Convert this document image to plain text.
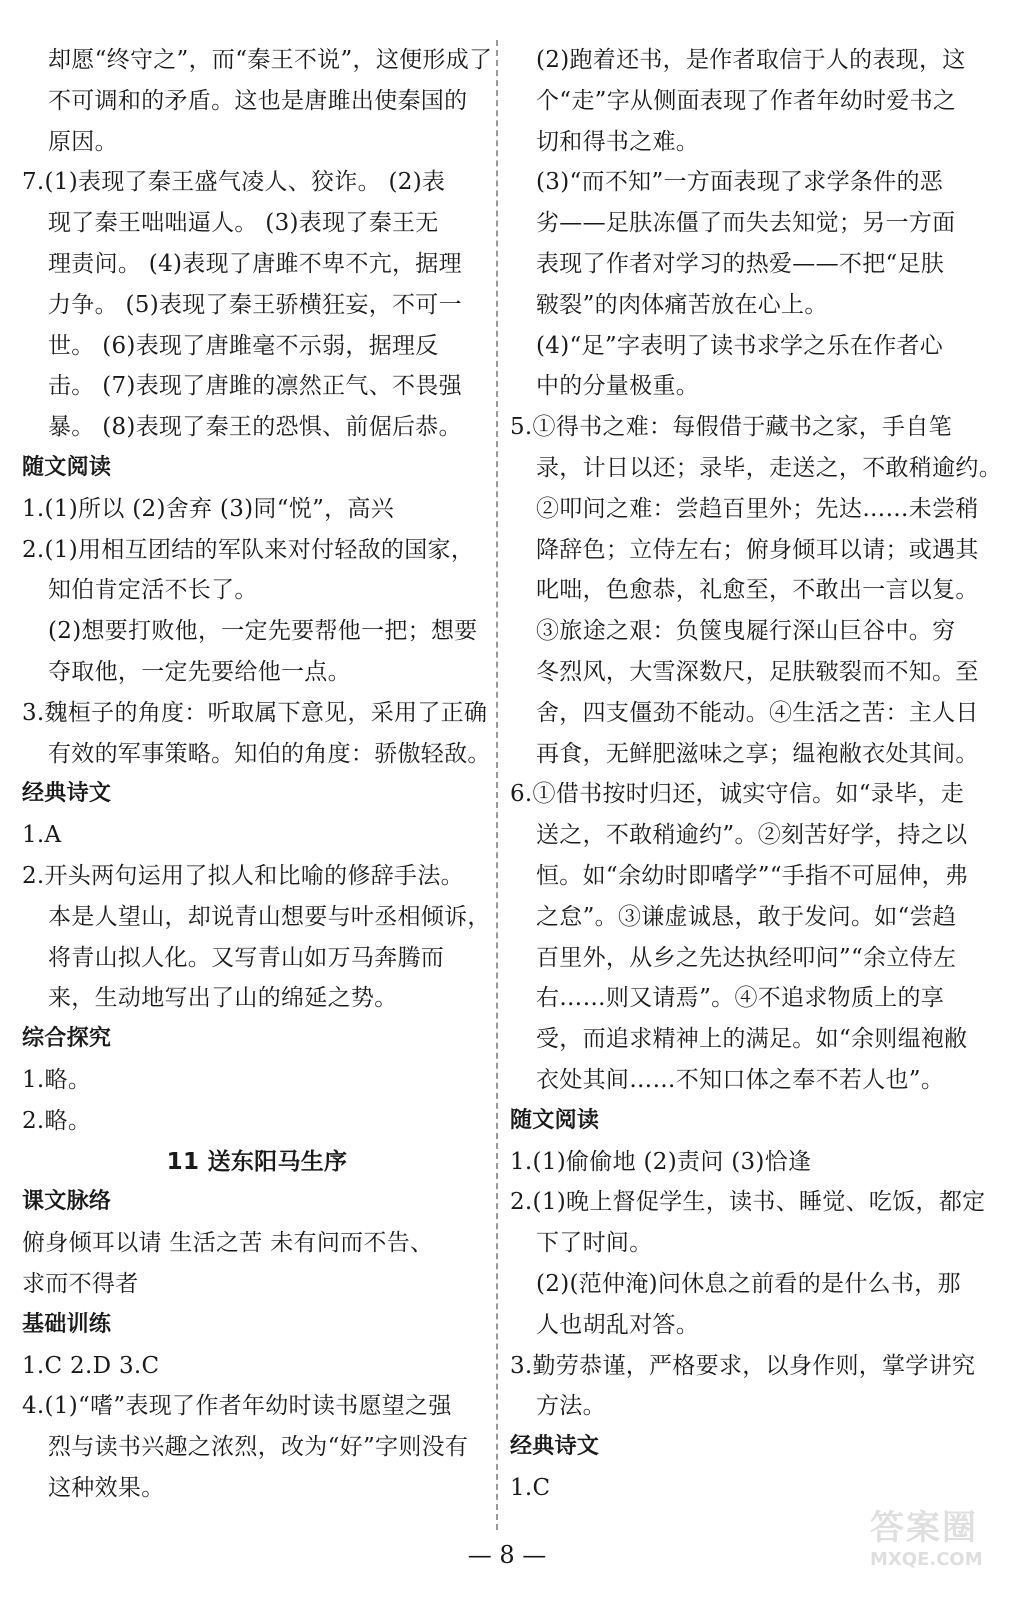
却愿“终守之”，而“秦王不说”，这便形成了
不可调和的矛盾。这也是唐雎出使秦国的
原因。
7.(1)表现了秦王盛气凌人、狡诈。 (2)表
现了秦王咄咄逼人。 (3)表现了秦王无
理责问。 (4)表现了唐雎不卑不亢，据理
力争。 (5)表现了秦王骄横狂妄，不可一
世。 (6)表现了唐雎毫不示弱，据理反
击。 (7)表现了唐雎的凛然正气、不畏强
暴。 (8)表现了秦王的恐惧、前倨后恭。
随文阅读
1.(1)所以 (2)舍弃 (3)同“悦”，高兴
2.(1)用相互团结的军队来对付轻敌的国家，
知伯肯定活不长了。
(2)想要打败他，一定先要帮他一把；想要
夺取他，一定先要给他一点。
3.魏桓子的角度：听取属下意见，采用了正确
有效的军事策略。知伯的角度：骄傲轻敌。
经典诗文
1.A
2.开头两句运用了拟人和比喻的修辞手法。
本是人望山，却说青山想要与叶丞相倾诉，
将青山拟人化。又写青山如万马奔腾而
来，生动地写出了山的绵延之势。
综合探究
1.略。
2.略。
11 送东阳马生序
课文脉络
俯身倾耳以请 生活之苦 未有问而不告、
求而不得者
基础训练
1.C 2.D 3.C
4.(1)“嗜”表现了作者年幼时读书愿望之强
烈与读书兴趣之浓烈，改为“好”字则没有
这种效果。
(2)跑着还书，是作者取信于人的表现，这
个“走”字从侧面表现了作者年幼时爱书之
切和得书之难。
(3)“而不知”一方面表现了求学条件的恶
劣——足肤冻僵了而失去知觉；另一方面
表现了作者对学习的热爱——不把“足肤
皲裂”的肉体痛苦放在心上。
(4)“足”字表明了读书求学之乐在作者心
中的分量极重。
5.①得书之难：每假借于藏书之家，手自笔
录，计日以还；录毕，走送之，不敢稍逾约。
②叩问之难：尝趋百里外；先达……未尝稍
降辞色；立侍左右；俯身倾耳以请；或遇其
叱咄，色愈恭，礼愈至，不敢出一言以复。
③旅途之艰：负箧曳屣行深山巨谷中。穷
冬烈风，大雪深数尺，足肤皲裂而不知。至
舍，四支僵劲不能动。④生活之苦：主人日
再食，无鲜肥滋味之享；缊袍敝衣处其间。
6.①借书按时归还，诚实守信。如“录毕，走
送之，不敢稍逾约”。②刻苦好学，持之以
恒。如“余幼时即嗜学”“手指不可屈伸，弗
之怠”。③谦虚诚恳，敢于发问。如“尝趋
百里外，从乡之先达执经叩问”“余立侍左
右……则又请焉”。④不追求物质上的享
受，而追求精神上的满足。如“余则缊袍敝
衣处其间……不知口体之奉不若人也”。
随文阅读
1.(1)偷偷地 (2)责问 (3)恰逢
2.(1)晚上督促学生，读书、睡觉、吃饭，都定
下了时间。
(2)(范仲淹)问休息之前看的是什么书，那
人也胡乱对答。
3.勤劳恭谨，严格要求，以身作则，掌学讲究
方法。
经典诗文
1.C
— 8 —
答案圈
MXQE.COM
